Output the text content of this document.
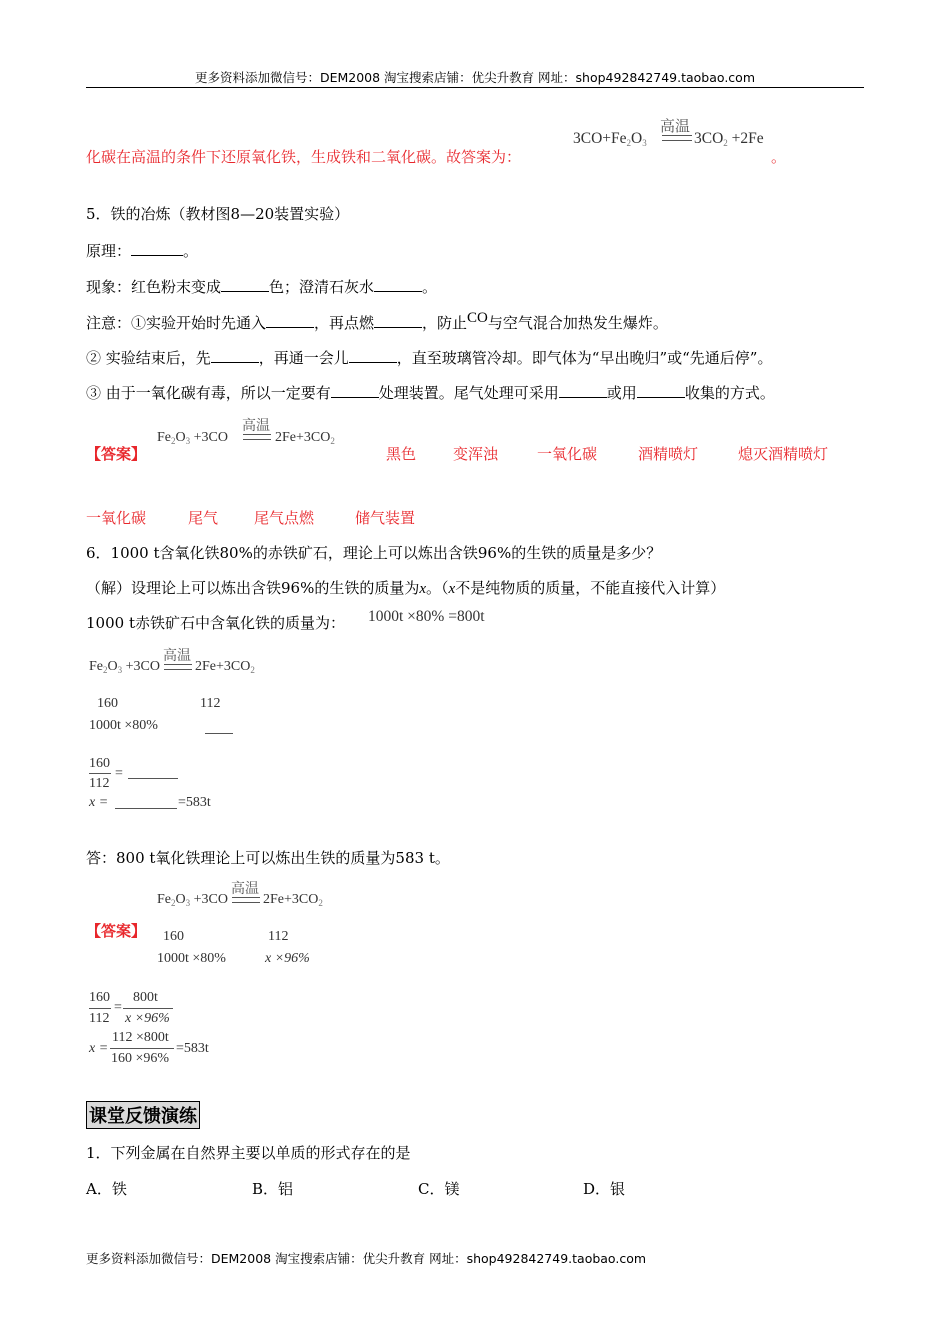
更多资料添加微信号：DEM2008 淘宝搜索店铺：优尖升教育 网址：shop492842749.taobao.com
化碳在高温的条件下还原氧化铁，生成铁和二氧化碳。故答案为：
$3CO+Fe_2O_3$
高温
$3CO_2 +2Fe$
。
5．铁的冶炼（教材图8—20装置实验）
原理：	。
现象：红色粉末变成	色；澄清石灰水	。
注意：①实验开始时先通入	，再点燃	，防止CO与空气混合加热发生爆炸。
② 实验结束后，先	，再通一会儿	，直至玻璃管冷却。即气体为“早出晚归”或“先通后停”。
③ 由于一氧化碳有毒，所以一定要有	处理装置。尾气处理可采用	或用	收集的方式。
【答案】
$Fe_2O_3 +3CO$
高温
$2Fe+3CO_2$
黑色 变浑浊	一氧化碳	酒精喷灯	熄灭酒精喷灯
一氧化碳	尾气 尾气点燃	储气装置
6．1000 t含氧化铁80%的赤铁矿石，理论上可以炼出含铁96%的生铁的质量是多少？
（解）设理论上可以炼出含铁96%的生铁的质量为x。（x不是纯物质的质量，不能直接代入计算）
1000 t赤铁矿石中含氧化铁的质量为： 1000t ×80% =800t
$Fe_2O_3 +3CO$
高温
$2Fe+3CO_2$
160	112
1000t ×80%
160
112
=
x =	=583t
答：800 t氧化铁理论上可以炼出生铁的质量为583 t。
【答案】
$Fe_2O_3 +3CO$
高温
$2Fe+3CO_2$
160	112
1000t ×80%	x ×96%
160
112
=
800t
x ×96%
x =
112 ×800t
160 ×96%
=583t
课堂反馈演练
1．下列金属在自然界主要以单质的形式存在的是
A．铁	B．铝	C．镁	D．银
更多资料添加微信号：DEM2008 淘宝搜索店铺：优尖升教育 网址：shop492842749.taobao.com
